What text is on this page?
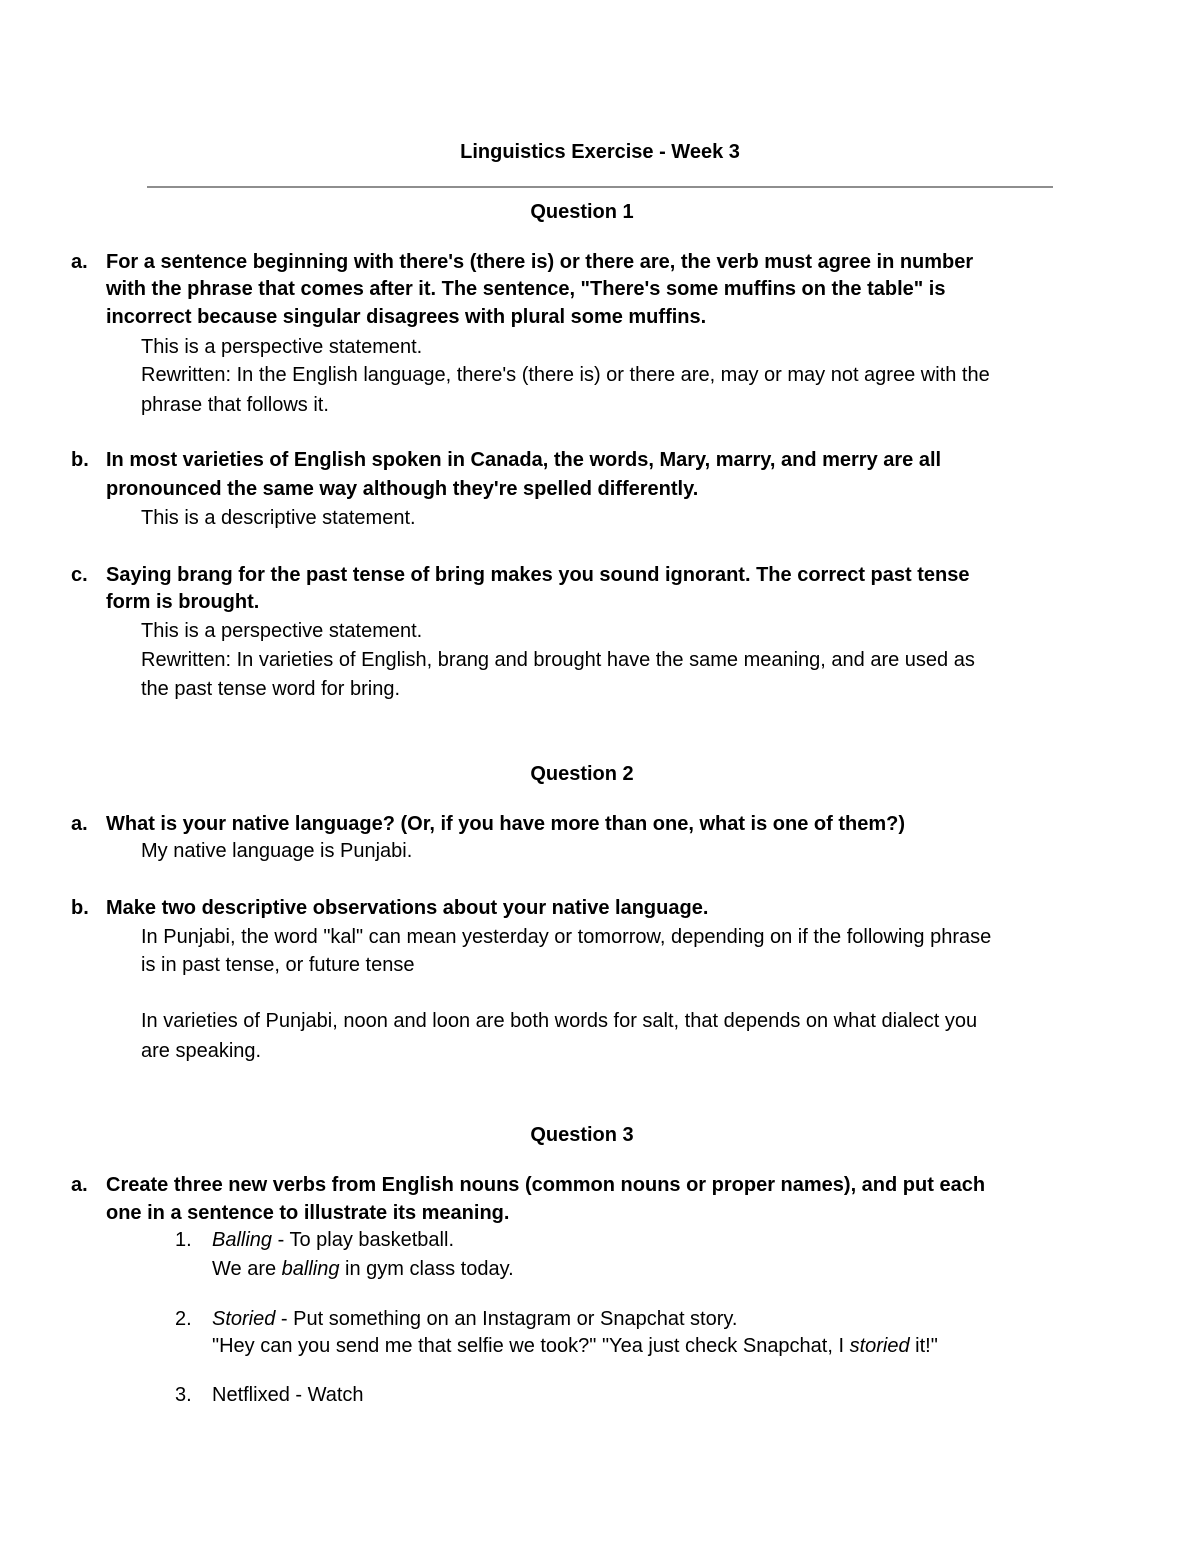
Linguistics Exercise - Week 3
Question 1
a. For a sentence beginning with there's (there is) or there are, the verb must agree in number
with the phrase that comes after it. The sentence, "There's some muffins on the table" is
incorrect because singular disagrees with plural some muffins.
This is a perspective statement.
Rewritten: In the English language, there's (there is) or there are, may or may not agree with the
phrase that follows it.
b. In most varieties of English spoken in Canada, the words, Mary, marry, and merry are all
pronounced the same way although they're spelled differently.
This is a descriptive statement.
c. Saying brang for the past tense of bring makes you sound ignorant. The correct past tense
form is brought.
This is a perspective statement.
Rewritten: In varieties of English, brang and brought have the same meaning, and are used as
the past tense word for bring.
Question 2
a. What is your native language? (Or, if you have more than one, what is one of them?)
My native language is Punjabi.
b. Make two descriptive observations about your native language.
In Punjabi, the word "kal" can mean yesterday or tomorrow, depending on if the following phrase
is in past tense, or future tense
In varieties of Punjabi, noon and loon are both words for salt, that depends on what dialect you
are speaking.
Question 3
a. Create three new verbs from English nouns (common nouns or proper names), and put each
one in a sentence to illustrate its meaning.
1. Balling - To play basketball.
We are balling in gym class today.
2. Storied - Put something on an Instagram or Snapchat story.
"Hey can you send me that selfie we took?" "Yea just check Snapchat, I storied it!"
3. Netflixed - Watch
